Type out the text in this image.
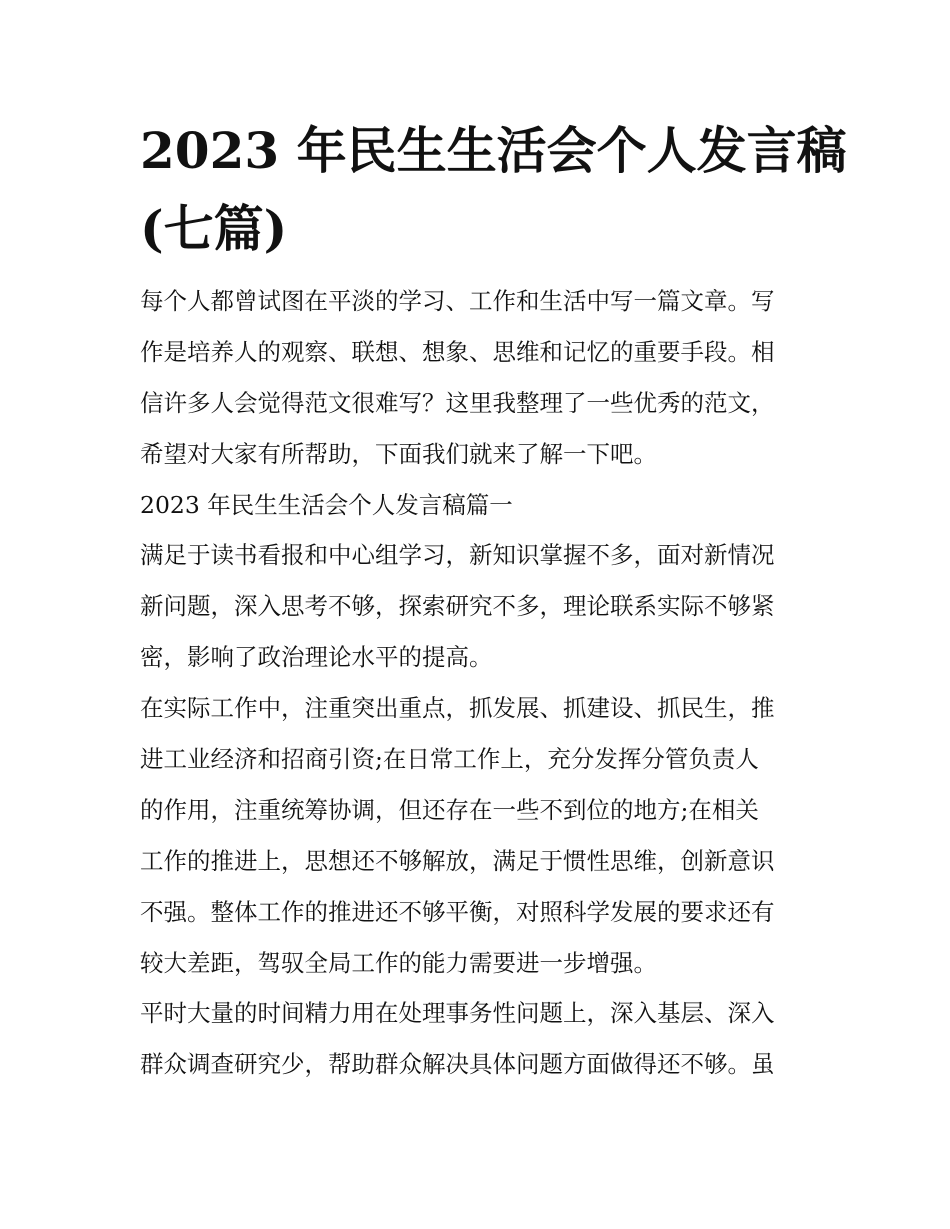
2023 年民生生活会个人发言稿
(七篇)
每个人都曾试图在平淡的学习、工作和生活中写一篇文章。写
作是培养人的观察、联想、想象、思维和记忆的重要手段。相
信许多人会觉得范文很难写？这里我整理了一些优秀的范文，
希望对大家有所帮助，下面我们就来了解一下吧。
2023 年民生生活会个人发言稿篇一
满足于读书看报和中心组学习，新知识掌握不多，面对新情况
新问题，深入思考不够，探索研究不多，理论联系实际不够紧
密，影响了政治理论水平的提高。
在实际工作中，注重突出重点，抓发展、抓建设、抓民生，推
进工业经济和招商引资;在日常工作上，充分发挥分管负责人
的作用，注重统筹协调，但还存在一些不到位的地方;在相关
工作的推进上，思想还不够解放，满足于惯性思维，创新意识
不强。整体工作的推进还不够平衡，对照科学发展的要求还有
较大差距，驾驭全局工作的能力需要进一步增强。
平时大量的时间精力用在处理事务性问题上，深入基层、深入
群众调查研究少，帮助群众解决具体问题方面做得还不够。虽
